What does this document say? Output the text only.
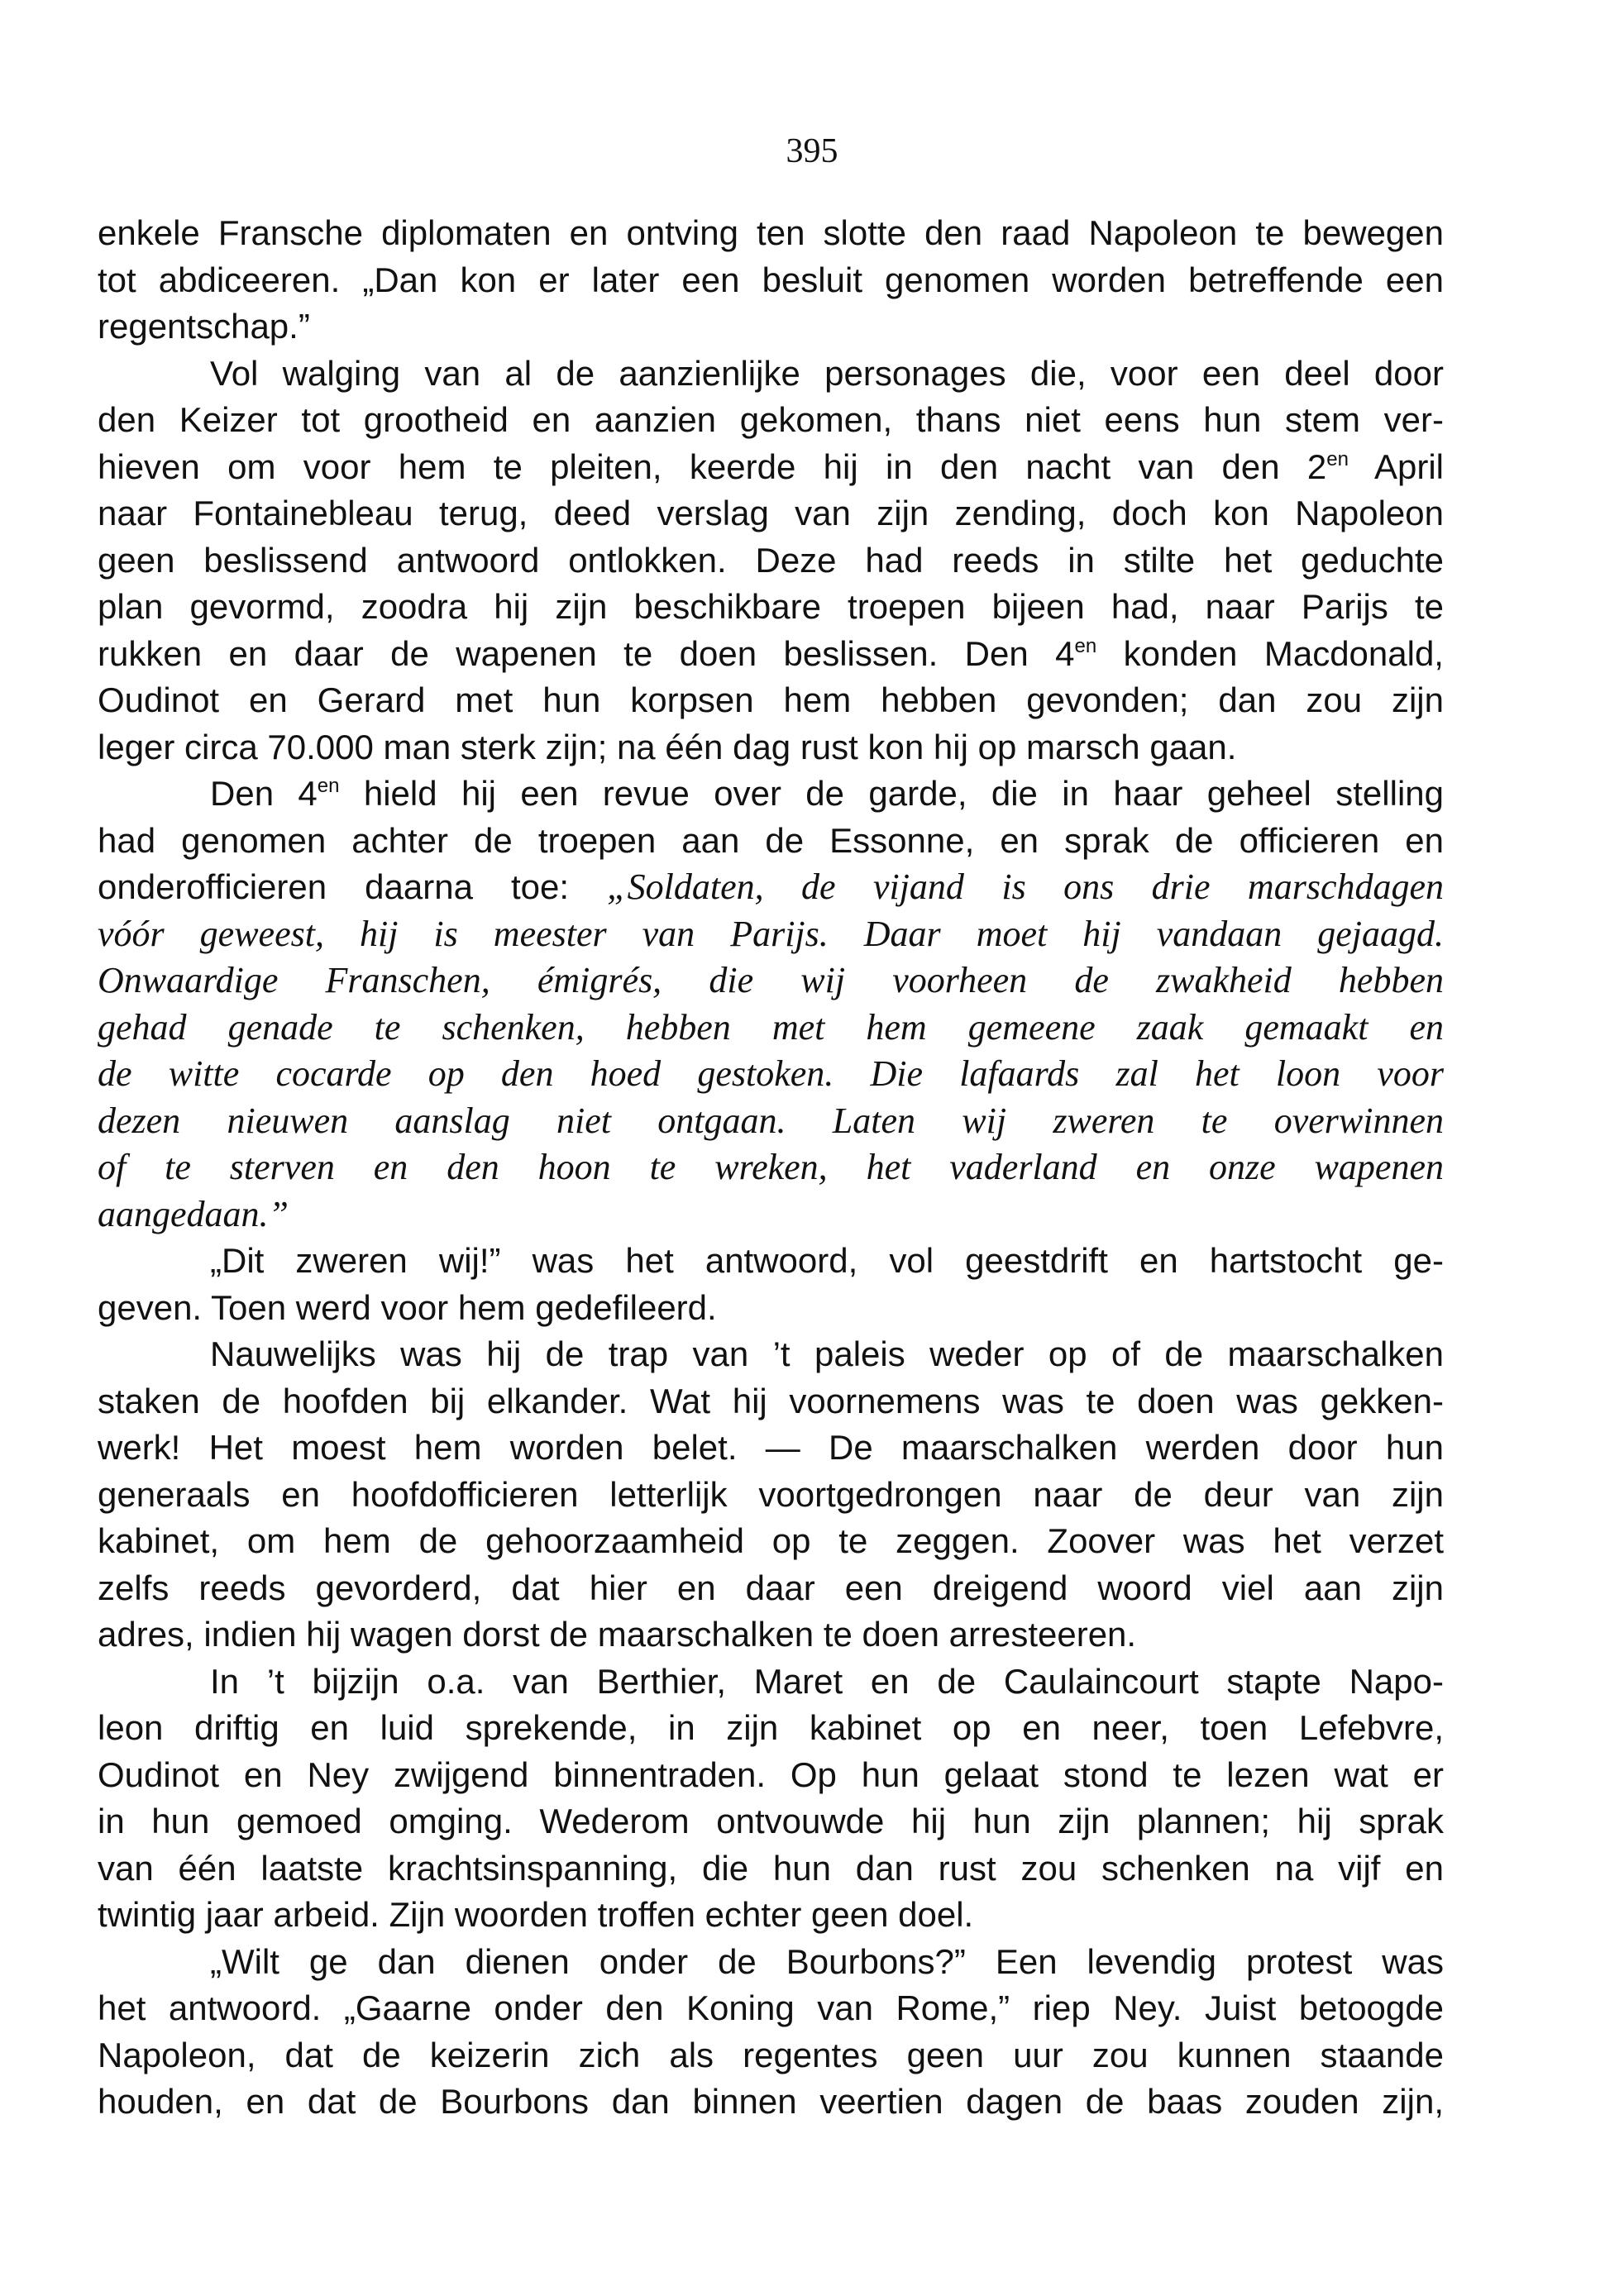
395
enkele Fransche diplomaten en ontving ten slotte den raad Napoleon te bewegen
tot abdiceeren. „Dan kon er later een besluit genomen worden betreffende een
regentschap.”
Vol walging van al de aanzienlijke personages die, voor een deel door
den Keizer tot grootheid en aanzien gekomen, thans niet eens hun stem ver-
hieven om voor hem te pleiten, keerde hij in den nacht van den $2^{en}$ April
naar Fontainebleau terug, deed verslag van zijn zending, doch kon Napoleon
geen beslissend antwoord ontlokken. Deze had reeds in stilte het geduchte
plan gevormd, zoodra hij zijn beschikbare troepen bijeen had, naar Parijs te
rukken en daar de wapenen te doen beslissen. Den $4^{en}$ konden Macdonald,
Oudinot en Gerard met hun korpsen hem hebben gevonden; dan zou zijn
leger circa 70.000 man sterk zijn; na één dag rust kon hij op marsch gaan.
Den $4^{en}$ hield hij een revue over de garde, die in haar geheel stelling
had genomen achter de troepen aan de Essonne, en sprak de officieren en
onderofficieren daarna toe: „Soldaten, de vijand is ons drie marschdagen
vóór geweest, hij is meester van Parijs. Daar moet hij vandaan gejaagd.
Onwaardige Franschen, émigrés, die wij voorheen de zwakheid hebben
gehad genade te schenken, hebben met hem gemeene zaak gemaakt en
de witte cocarde op den hoed gestoken. Die lafaards zal het loon voor
dezen nieuwen aanslag niet ontgaan. Laten wij zweren te overwinnen
of te sterven en den hoon te wreken, het vaderland en onze wapenen
aangedaan.”
„Dit zweren wij!” was het antwoord, vol geestdrift en hartstocht ge-
geven. Toen werd voor hem gedefileerd.
Nauwelijks was hij de trap van ’t paleis weder op of de maarschalken
staken de hoofden bij elkander. Wat hij voornemens was te doen was gekken-
werk! Het moest hem worden belet. — De maarschalken werden door hun
generaals en hoofdofficieren letterlijk voortgedrongen naar de deur van zijn
kabinet, om hem de gehoorzaamheid op te zeggen. Zoover was het verzet
zelfs reeds gevorderd, dat hier en daar een dreigend woord viel aan zijn
adres, indien hij wagen dorst de maarschalken te doen arresteeren.
In ’t bijzijn o.a. van Berthier, Maret en de Caulaincourt stapte Napo-
leon driftig en luid sprekende, in zijn kabinet op en neer, toen Lefebvre,
Oudinot en Ney zwijgend binnentraden. Op hun gelaat stond te lezen wat er
in hun gemoed omging. Wederom ontvouwde hij hun zijn plannen; hij sprak
van één laatste krachtsinspanning, die hun dan rust zou schenken na vijf en
twintig jaar arbeid. Zijn woorden troffen echter geen doel.
„Wilt ge dan dienen onder de Bourbons?” Een levendig protest was
het antwoord. „Gaarne onder den Koning van Rome,” riep Ney. Juist betoogde
Napoleon, dat de keizerin zich als regentes geen uur zou kunnen staande
houden, en dat de Bourbons dan binnen veertien dagen de baas zouden zijn,
